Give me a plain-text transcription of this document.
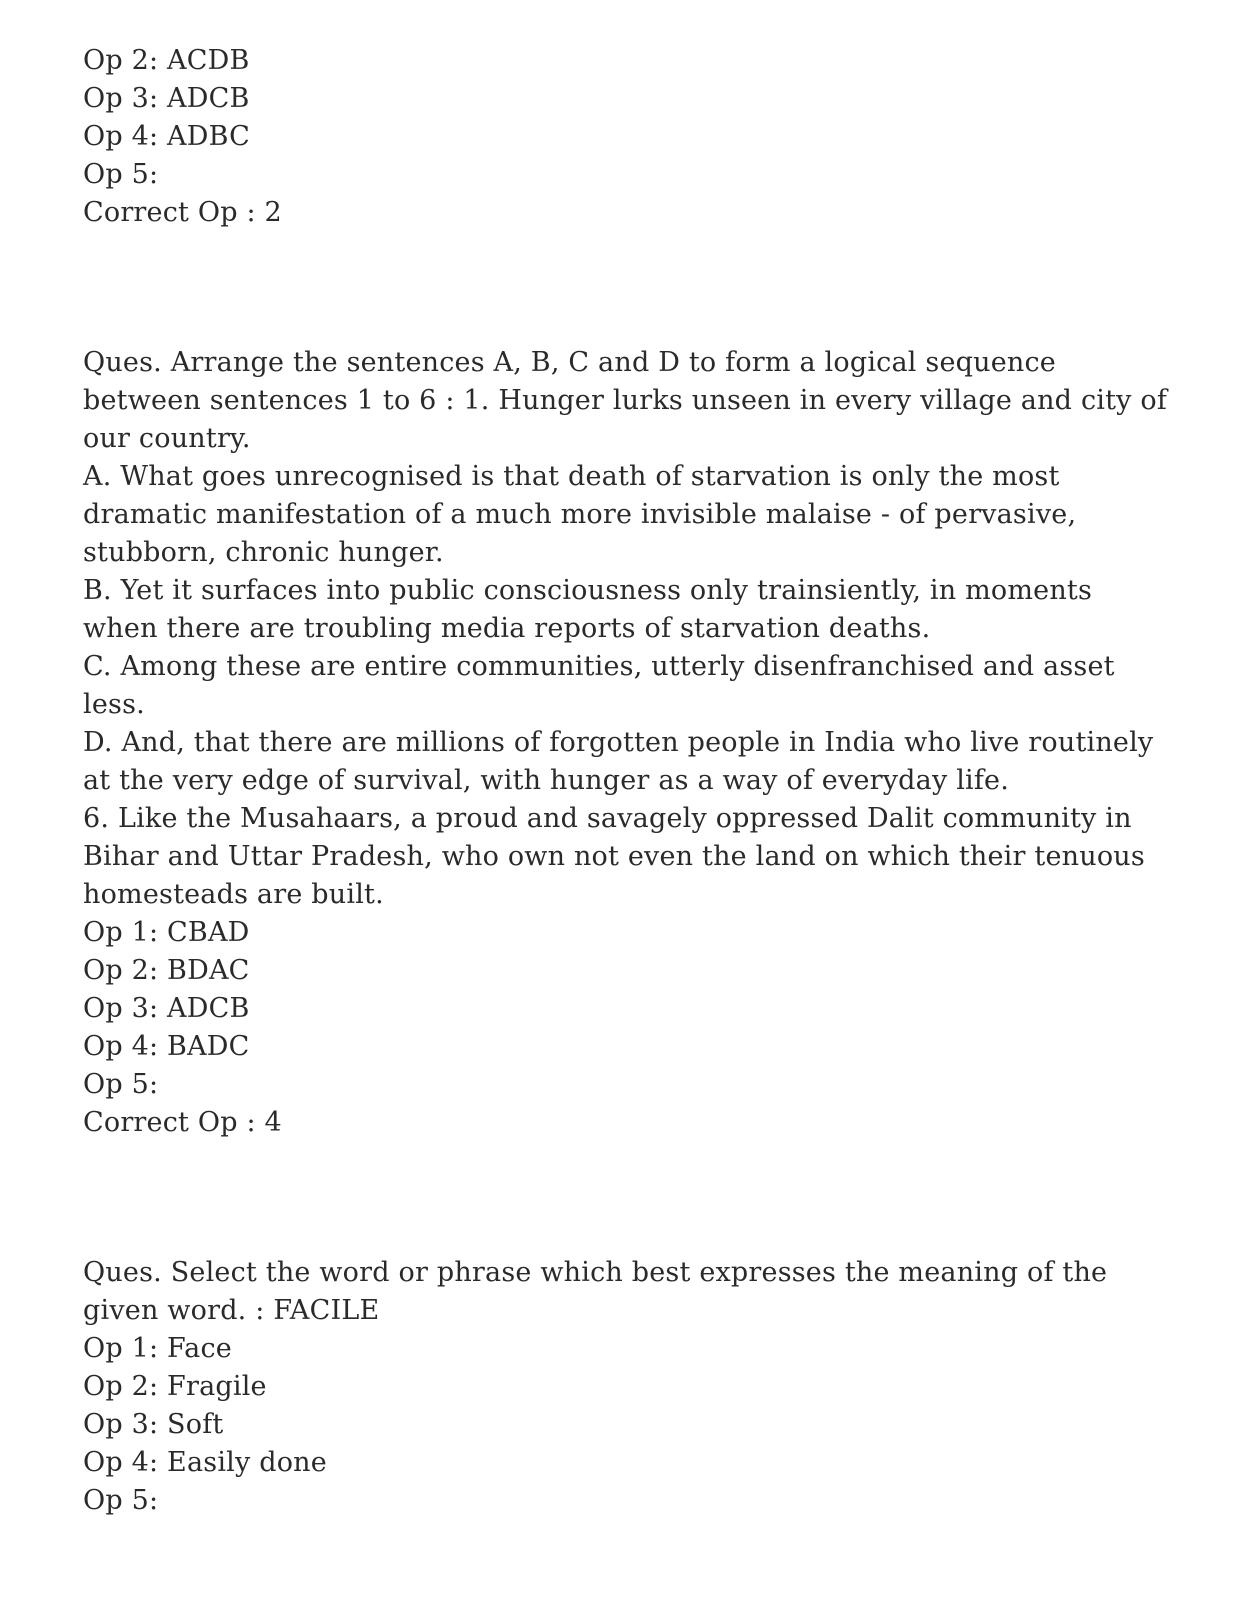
Op 2: ACDB

Op 3: ADCB

Op 4: ADBC

Op 5:

Correct Op : 2

Ques. Arrange the sentences A, B, C and D to form a logical sequence

between sentences 1 to 6 : 1. Hunger lurks unseen in every village and city of

our country.

A. What goes unrecognised is that death of starvation is only the most

dramatic manifestation of a much more invisible malaise - of pervasive,

stubborn, chronic hunger.

B. Yet it surfaces into public consciousness only trainsiently, in moments

when there are troubling media reports of starvation deaths.

C. Among these are entire communities, utterly disenfranchised and asset

less.

D. And, that there are millions of forgotten people in India who live routinely

at the very edge of survival, with hunger as a way of everyday life.

6. Like the Musahaars, a proud and savagely oppressed Dalit community in

Bihar and Uttar Pradesh, who own not even the land on which their tenuous

homesteads are built.

Op 1: CBAD

Op 2: BDAC

Op 3: ADCB

Op 4: BADC

Op 5:

Correct Op : 4

Ques. Select the word or phrase which best expresses the meaning of the

given word. : FACILE

Op 1: Face

Op 2: Fragile

Op 3: Soft

Op 4: Easily done

Op 5:
